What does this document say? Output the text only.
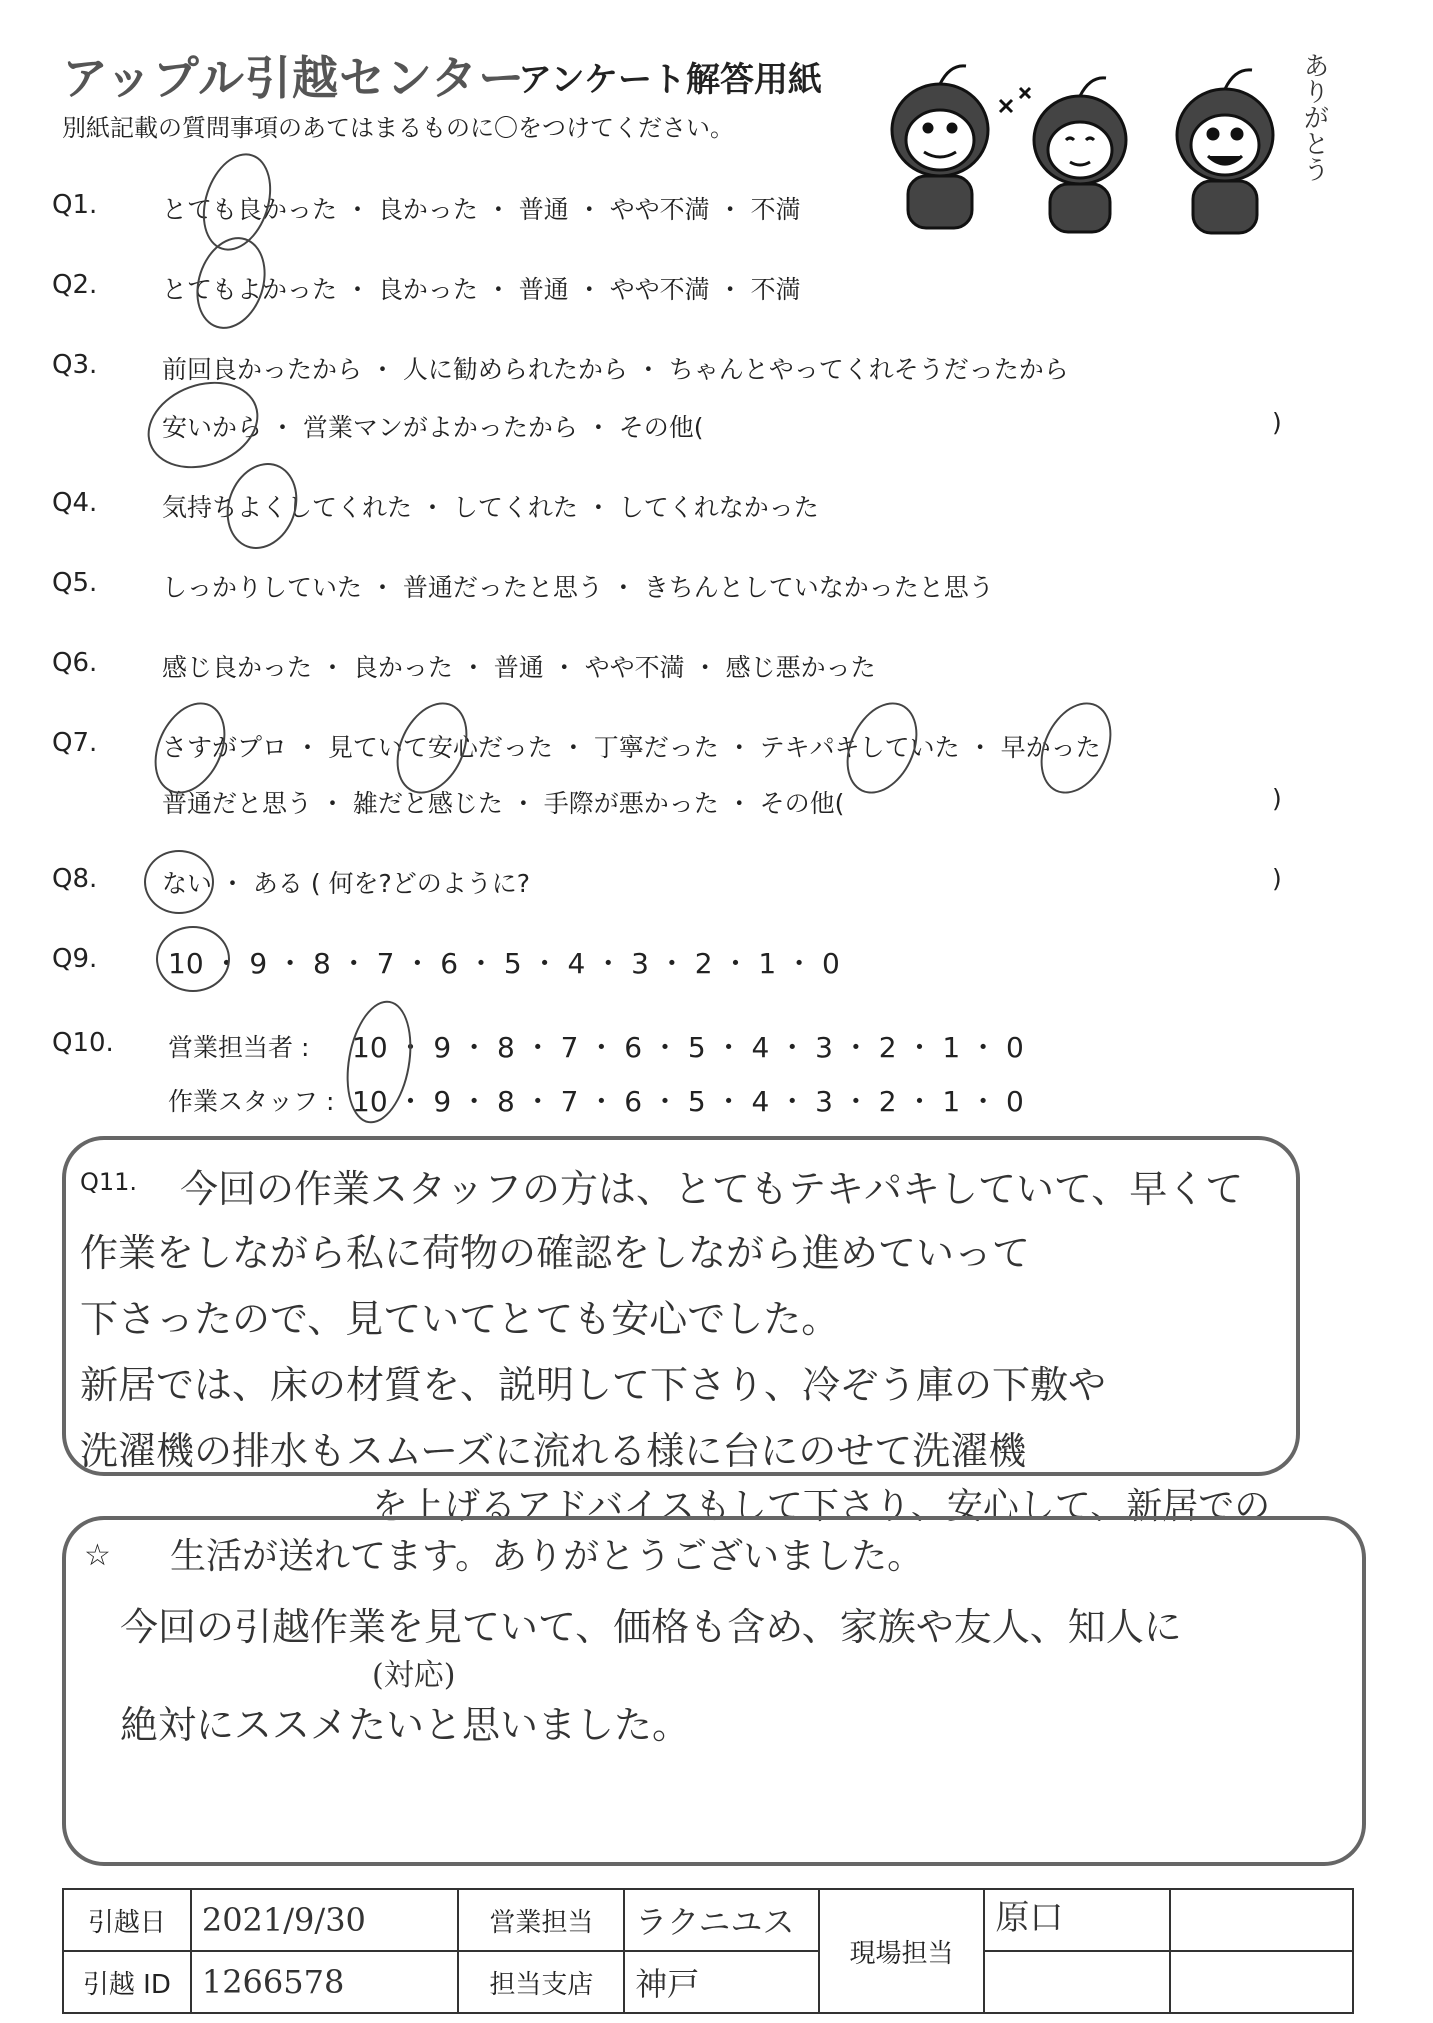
アップル引越センター
アンケート解答用紙
別紙記載の質問事項のあてはまるものに〇をつけてください。	ありがとう
Q1.	とても良かった ・ 良かった ・ 普通 ・ やや不満 ・ 不満
Q2.	とてもよかった ・ 良かった ・ 普通 ・ やや不満 ・ 不満
Q3.	前回良かったから ・ 人に勧められたから ・ ちゃんとやってくれそうだったから
安いから ・ 営業マンがよかったから ・ その他(	)
Q4.	気持ちよくしてくれた ・ してくれた ・ してくれなかった
Q5.	しっかりしていた ・ 普通だったと思う ・ きちんとしていなかったと思う
Q6.	感じ良かった ・ 良かった ・ 普通 ・ やや不満 ・ 感じ悪かった
Q7.	さすがプロ ・ 見ていて安心だった ・ 丁寧だった ・ テキパキしていた ・ 早かった
普通だと思う ・ 雑だと感じた ・ 手際が悪かった ・ その他(	)
Q8.	ない ・ ある ( 何を?どのように?	)
Q9.	10 ・ 9 ・ 8 ・ 7 ・ 6 ・ 5 ・ 4 ・ 3 ・ 2 ・ 1 ・ 0
Q10. 営業担当者 : 10 ・ 9 ・ 8 ・ 7 ・ 6 ・ 5 ・ 4 ・ 3 ・ 2 ・ 1 ・ 0
作業スタッフ : 10 ・ 9 ・ 8 ・ 7 ・ 6 ・ 5 ・ 4 ・ 3 ・ 2 ・ 1 ・ 0
Q11. 今回の作業スタッフの方は、とてもテキパキしていて、早くて
作業をしながら私に荷物の確認をしながら進めていって
下さったので、見ていてとても安心でした。
新居では、床の材質を、説明して下さり、冷ぞう庫の下敷や
洗濯機の排水もスムーズに流れる様に台にのせて洗濯機
を上げるアドバイスもして下さり、安心して、新居での
生活が送れてます。ありがとうございました。
☆
今回の引越作業を見ていて、価格も含め、家族や友人、知人に
(対応)
絶対にススメたいと思いました。
引越日	2021/9/30	営業担当	ラクニユス	現場担当	原口	
引越 ID	1266578	担当支店	神戸			
